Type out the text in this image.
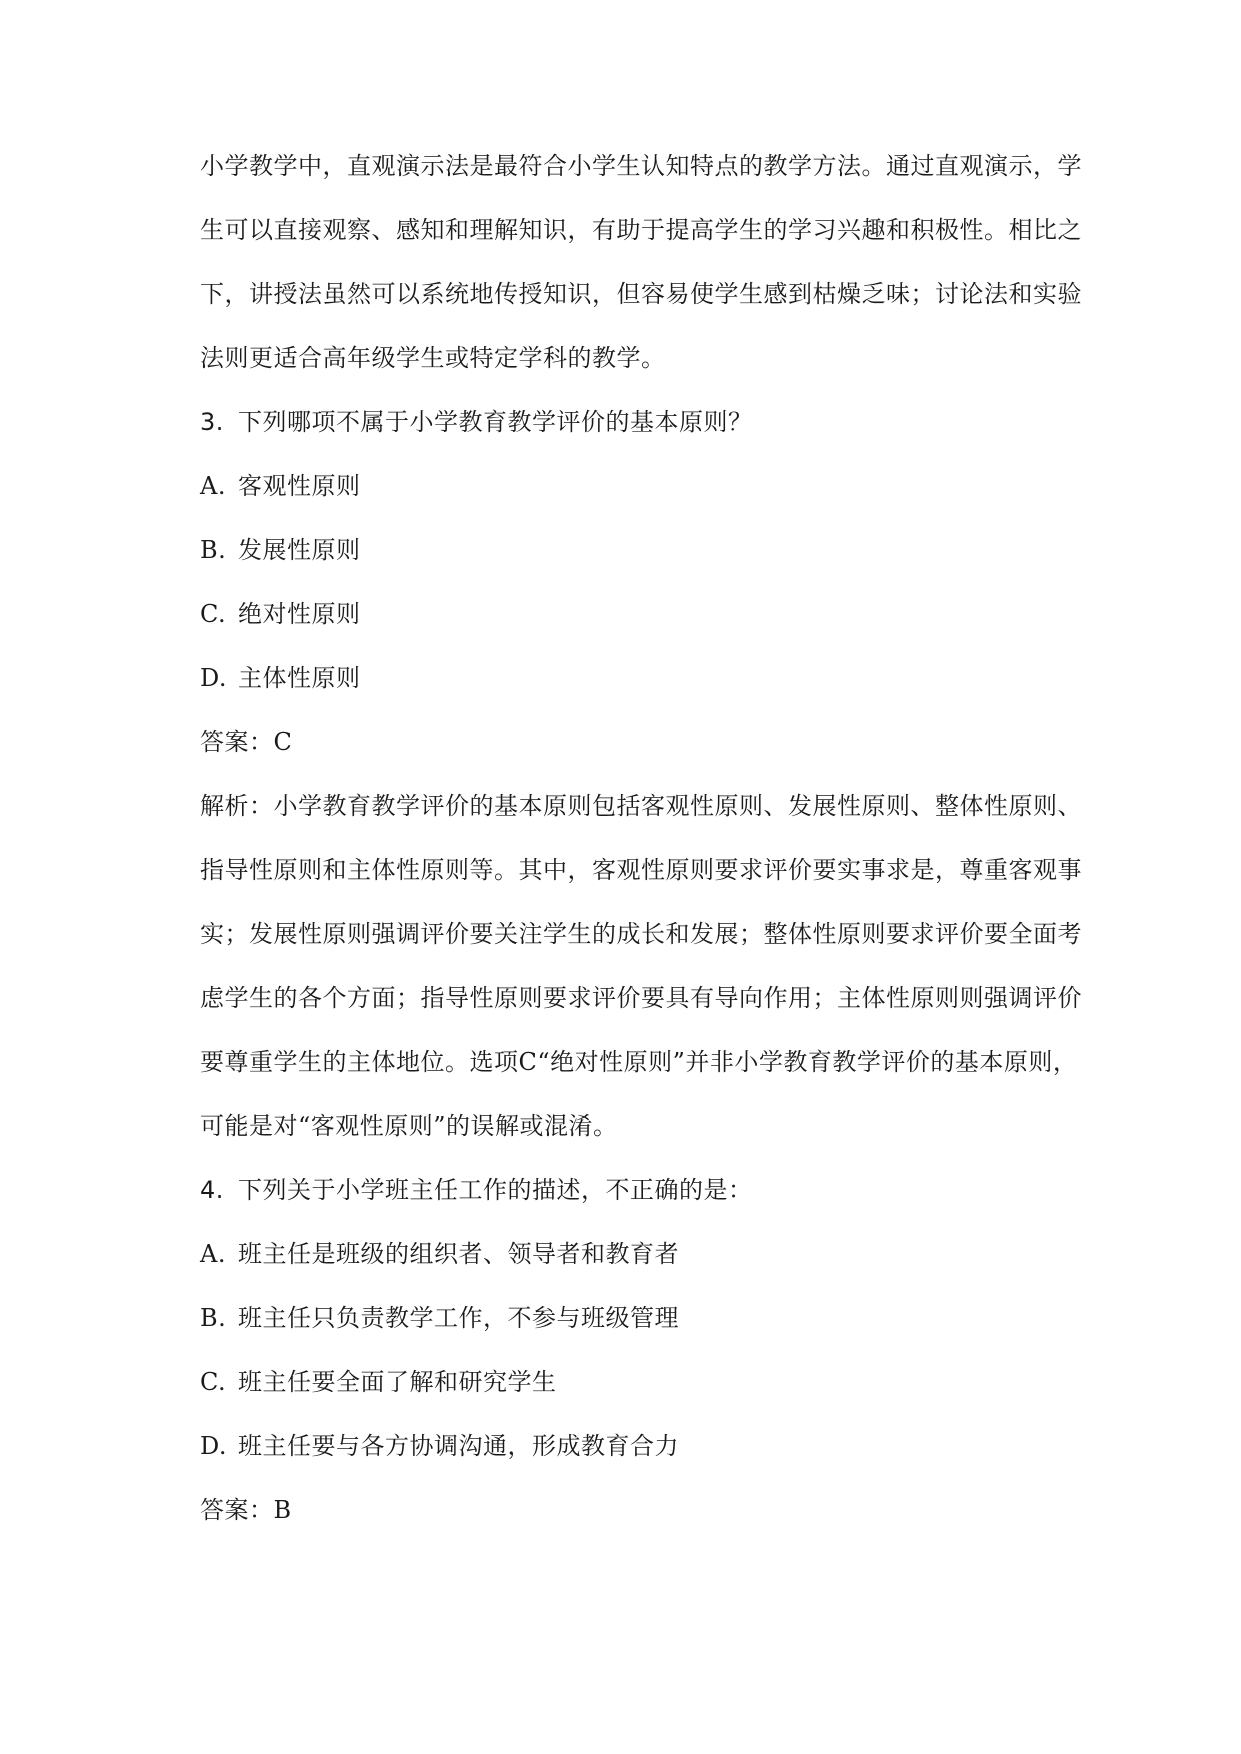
小学教学中，直观演示法是最符合小学生认知特点的教学方法。通过直观演示，学
生可以直接观察、感知和理解知识，有助于提高学生的学习兴趣和积极性。相比之
下，讲授法虽然可以系统地传授知识，但容易使学生感到枯燥乏味；讨论法和实验
法则更适合高年级学生或特定学科的教学。
3. 下列哪项不属于小学教育教学评价的基本原则？
A. 客观性原则
B. 发展性原则
C. 绝对性原则
D. 主体性原则
答案：C
解析：小学教育教学评价的基本原则包括客观性原则、发展性原则、整体性原则、
指导性原则和主体性原则等。其中，客观性原则要求评价要实事求是，尊重客观事
实；发展性原则强调评价要关注学生的成长和发展；整体性原则要求评价要全面考
虑学生的各个方面；指导性原则要求评价要具有导向作用；主体性原则则强调评价
要尊重学生的主体地位。选项C“绝对性原则”并非小学教育教学评价的基本原则，
可能是对“客观性原则”的误解或混淆。
4. 下列关于小学班主任工作的描述，不正确的是：
A. 班主任是班级的组织者、领导者和教育者
B. 班主任只负责教学工作，不参与班级管理
C. 班主任要全面了解和研究学生
D. 班主任要与各方协调沟通，形成教育合力
答案：B
